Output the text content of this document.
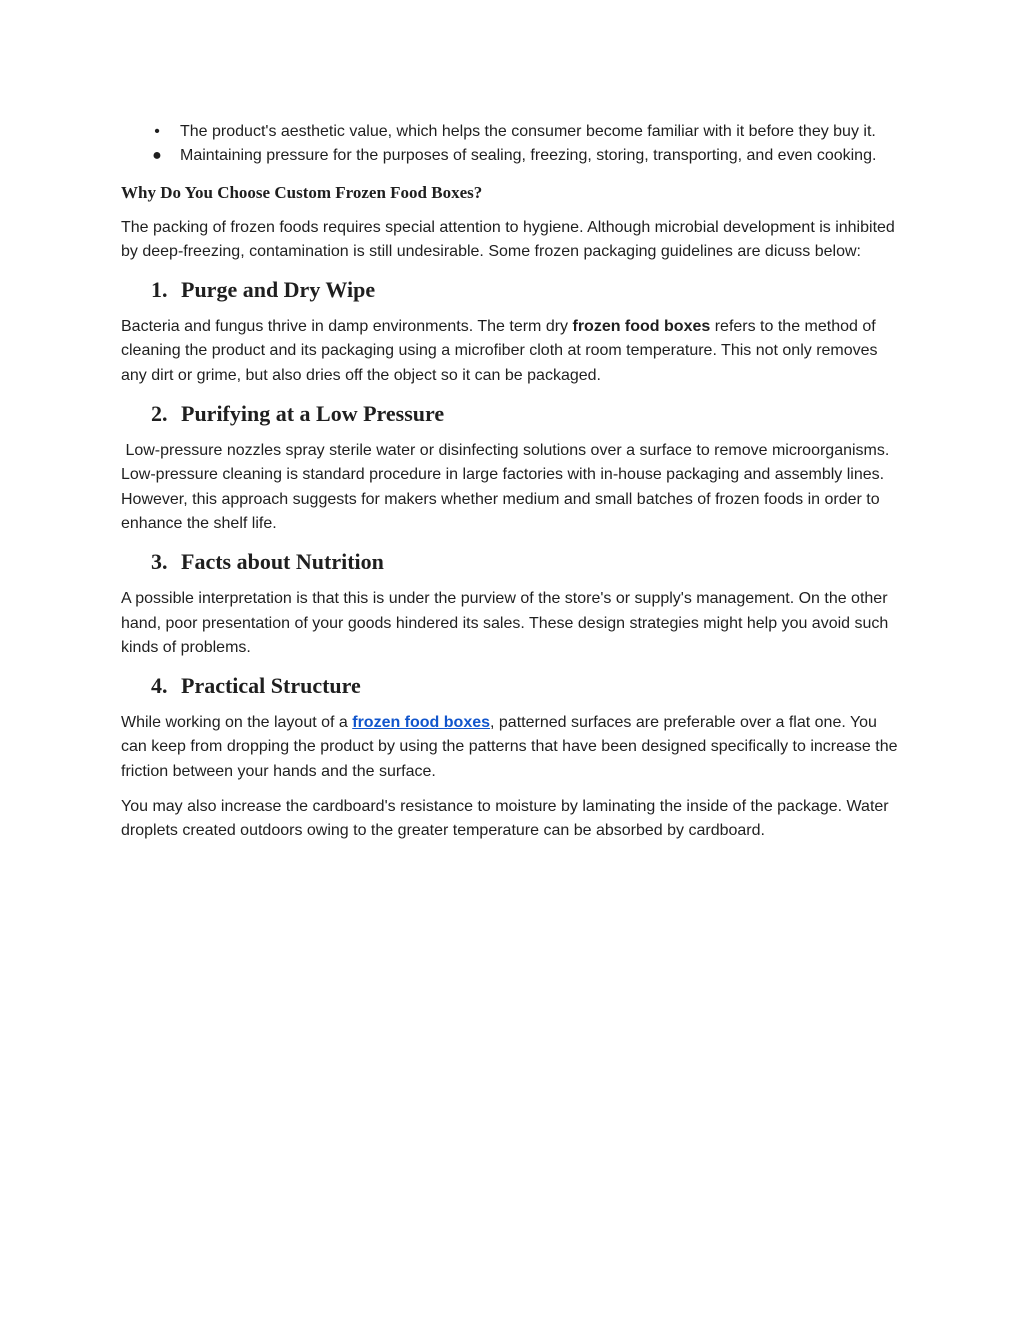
• The product's aesthetic value, which helps the consumer become familiar with it before they buy it.
● Maintaining pressure for the purposes of sealing, freezing, storing, transporting, and even cooking.
Why Do You Choose Custom Frozen Food Boxes?

The packing of frozen foods requires special attention to hygiene. Although microbial development is inhibited by deep-freezing, contamination is still undesirable. Some frozen packaging guidelines are dicuss below:

1. Purge and Dry Wipe

Bacteria and fungus thrive in damp environments. The term dry frozen food boxes refers to the method of cleaning the product and its packaging using a microfiber cloth at room temperature. This not only removes any dirt or grime, but also dries off the object so it can be packaged.

2. Purifying at a Low Pressure

Low-pressure nozzles spray sterile water or disinfecting solutions over a surface to remove microorganisms. Low-pressure cleaning is standard procedure in large factories with in-house packaging and assembly lines. However, this approach suggests for makers whether medium and small batches of frozen foods in order to enhance the shelf life.

3. Facts about Nutrition

A possible interpretation is that this is under the purview of the store's or supply's management. On the other hand, poor presentation of your goods hindered its sales. These design strategies might help you avoid such kinds of problems.

4. Practical Structure

While working on the layout of a frozen food boxes, patterned surfaces are preferable over a flat one. You can keep from dropping the product by using the patterns that have been designed specifically to increase the friction between your hands and the surface.

You may also increase the cardboard's resistance to moisture by laminating the inside of the package. Water droplets created outdoors owing to the greater temperature can be absorbed by cardboard.
